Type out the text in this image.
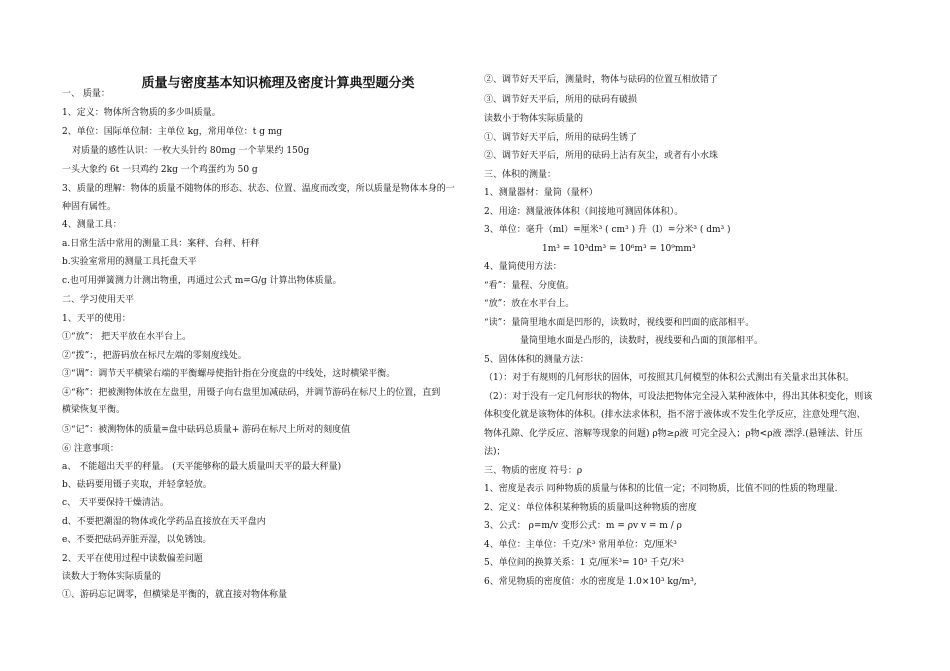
质量与密度基本知识梳理及密度计算典型题分类
一、 质量：
1、定义：物体所含物质的多少叫质量。
2、单位：国际单位制：主单位 kg，常用单位：t g mg
对质量的感性认识：一枚大头针约 80mg 一个苹果约 150g
一头大象约 6t 一只鸡约 2kg 一个鸡蛋约为 50 g
3、质量的理解：物体的质量不随物体的形态、状态、位置、温度而改变，所以质量是物体本身的一
种固有属性。
4、测量工具：
a.日常生活中常用的测量工具：案秤、台秤、杆秤
b.实验室常用的测量工具托盘天平
c.也可用弹簧测力计测出物重，再通过公式 m=G/g 计算出物体质量。
二、学习使用天平
1、天平的使用：
①“放”： 把天平放在水平台上。
②“拨”：，把游码放在标尺左端的零刻度线处。
③“调”：调节天平横梁右端的平衡螺母使指针指在分度盘的中线处，这时横梁平衡。
④“称”：把被测物体放在左盘里，用镊子向右盘里加减砝码，并调节游码在标尺上的位置，直到
横梁恢复平衡。
⑤“记”：被测物体的质量=盘中砝码总质量+ 游码在标尺上所对的刻度值
⑥ 注意事项：
a、 不能超出天平的秤量。 (天平能够称的最大质量叫天平的最大秤量)
b、砝码要用镊子夹取，并轻拿轻放。
c、 天平要保持干燥清洁。
d、不要把潮湿的物体或化学药品直接放在天平盘内
e、不要把砝码弄脏弄湿，以免锈蚀。
2、天平在使用过程中读数偏差问题
读数大于物体实际质量的
①、游码忘记调零，但横梁是平衡的，就直接对物体称量
②、调节好天平后，测量时，物体与砝码的位置互相放错了
③、调节好天平后，所用的砝码有破损
读数小于物体实际质量的
①、调节好天平后，所用的砝码生锈了
②、调节好天平后，所用的砝码上沾有灰尘，或者有小水珠
三、体积的测量：
1、测量器材：量筒（量杯）
2、用途：测量液体体积（间接地可测固体体积）。
3、单位：毫升（ml）=厘米³ ( cm³ ) 升（l）=分米³ ( dm³ )
1m³ = 10³dm³ = 10⁶m³ = 10⁹mm³
4、量筒使用方法：
“看”：量程、分度值。
“放”：放在水平台上。
“读”：量筒里地水面是凹形的，读数时，视线要和凹面的底部相平。
量筒里地水面是凸形的，读数时，视线要和凸面的顶部相平。
5、固体体积的测量方法：
（1）：对于有规则的几何形状的固体，可按照其几何模型的体积公式测出有关量求出其体积。
（2）：对于没有一定几何形状的物体，可设法把物体完全浸入某种液体中，得出其体积变化，则该
体积变化就是该物体的体积。(排水法求体积，指不溶于液体或不发生化学反应，注意处理气泡、
物体孔隙、化学反应、溶解等现象的问题) ρ物≥ρ液 可完全浸入；ρ物<ρ液 漂浮.(悬锤法、针压
法)；
三、物质的密度 符号：ρ
1、密度是表示 同种物质的质量与体积的比值一定；不同物质，比值不同的性质的物理量.
2、定义：单位体积某种物质的质量叫这种物质的密度
3、公式： ρ=m/v 变形公式：m = ρv v = m / ρ
4、单位：主单位：千克/米³ 常用单位：克/厘米³
5、单位间的换算关系：1 克/厘米³= 10³ 千克/米³
6、常见物质的密度值：水的密度是 1.0×10³ kg/m³,
